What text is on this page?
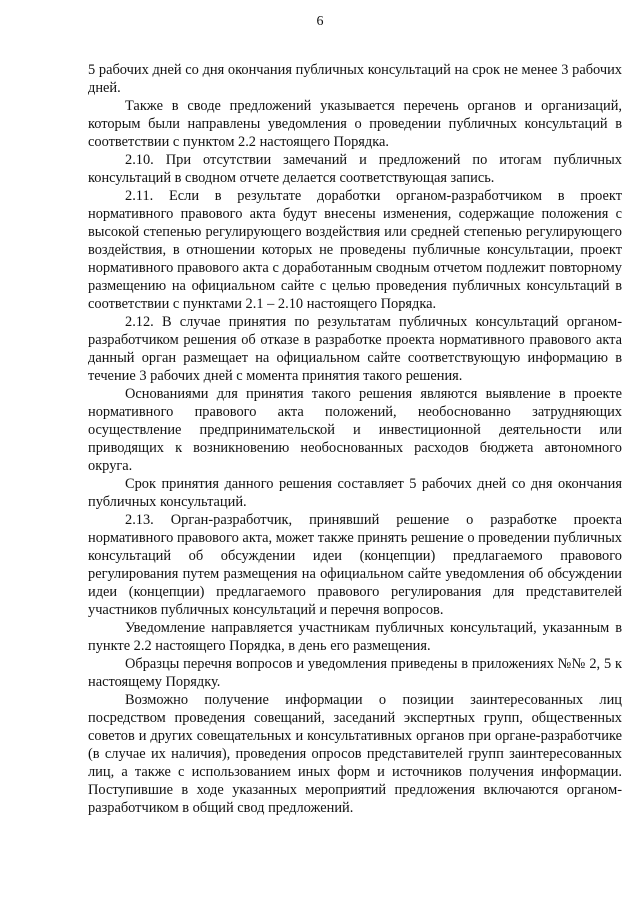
6

5 рабочих дней со дня окончания публичных консультаций на срок не менее 3 рабочих дней.

Также в своде предложений указывается перечень органов и организаций, которым были направлены уведомления о проведении публичных консультаций в соответствии с пунктом 2.2 настоящего Порядка.

2.10. При отсутствии замечаний и предложений по итогам публичных консультаций в сводном отчете делается соответствующая запись.

2.11. Если в результате доработки органом-разработчиком в проект нормативного правового акта будут внесены изменения, содержащие положения с высокой степенью регулирующего воздействия или средней степенью регулирующего воздействия, в отношении которых не проведены публичные консультации, проект нормативного правового акта с доработанным сводным отчетом подлежит повторному размещению на официальном сайте с целью проведения публичных консультаций в соответствии с пунктами 2.1 – 2.10 настоящего Порядка.

2.12. В случае принятия по результатам публичных консультаций органом-разработчиком решения об отказе в разработке проекта нормативного правового акта данный орган размещает на официальном сайте соответствующую информацию в течение 3 рабочих дней с момента принятия такого решения.

Основаниями для принятия такого решения являются выявление в проекте нормативного правового акта положений, необоснованно затрудняющих осуществление предпринимательской и инвестиционной деятельности или приводящих к возникновению необоснованных расходов бюджета автономного округа.

Срок принятия данного решения составляет 5 рабочих дней со дня окончания публичных консультаций.

2.13. Орган-разработчик, принявший решение о разработке проекта нормативного правового акта, может также принять решение о проведении публичных консультаций об обсуждении идеи (концепции) предлагаемого правового регулирования путем размещения на официальном сайте уведомления об обсуждении идеи (концепции) предлагаемого правового регулирования для представителей участников публичных консультаций и перечня вопросов.

Уведомление направляется участникам публичных консультаций, указанным в пункте 2.2 настоящего Порядка, в день его размещения.

Образцы перечня вопросов и уведомления приведены в приложениях №№ 2, 5 к настоящему Порядку.

Возможно получение информации о позиции заинтересованных лиц посредством проведения совещаний, заседаний экспертных групп, общественных советов и других совещательных и консультативных органов при органе-разработчике (в случае их наличия), проведения опросов представителей групп заинтересованных лиц, а также с использованием иных форм и источников получения информации. Поступившие в ходе указанных мероприятий предложения включаются органом-разработчиком в общий свод предложений.
